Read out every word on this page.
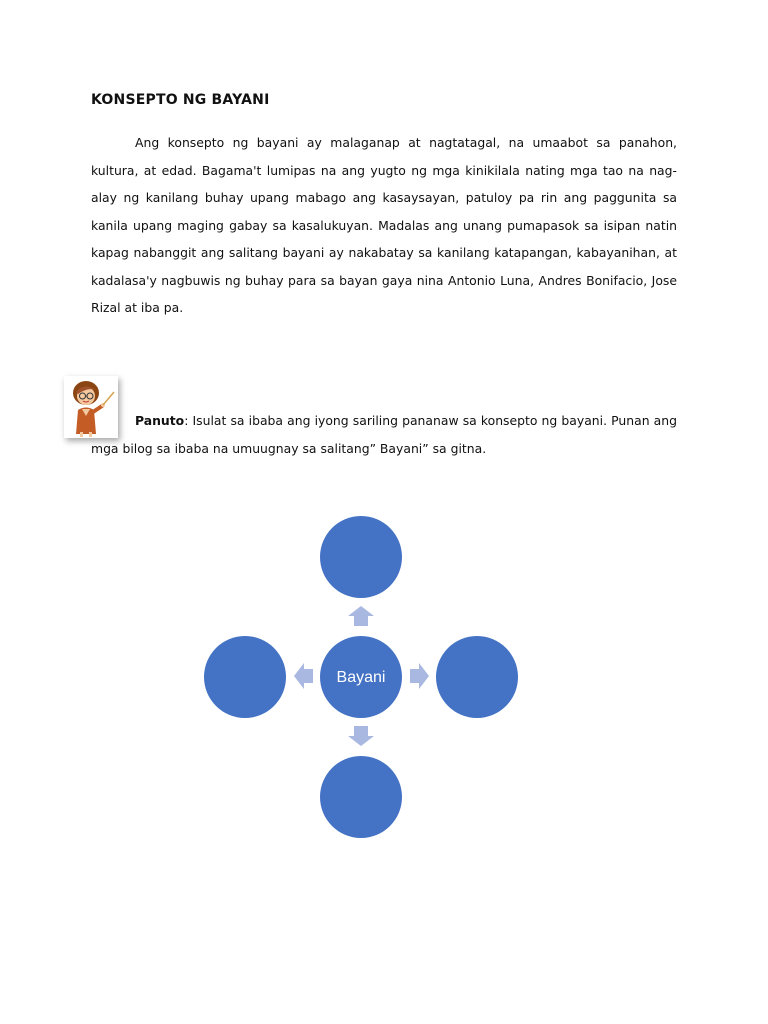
KONSEPTO NG BAYANI

Ang konsepto ng bayani ay malaganap at nagtatagal, na umaabot sa panahon, kultura, at edad. Bagama't lumipas na ang yugto ng mga kinikilala nating mga tao na nag-alay ng kanilang buhay upang mabago ang kasaysayan, patuloy pa rin ang paggunita sa kanila upang maging gabay sa kasalukuyan. Madalas ang unang pumapasok sa isipan natin kapag nabanggit ang salitang bayani ay nakabatay sa kanilang katapangan, kabayanihan, at kadalasa'y nagbuwis ng buhay para sa bayan gaya nina Antonio Luna, Andres Bonifacio, Jose Rizal at iba pa.

Panuto: Isulat sa ibaba ang iyong sariling pananaw sa konsepto ng bayani. Punan ang mga bilog sa ibaba na umuugnay sa salitang” Bayani” sa gitna.

Bayani
